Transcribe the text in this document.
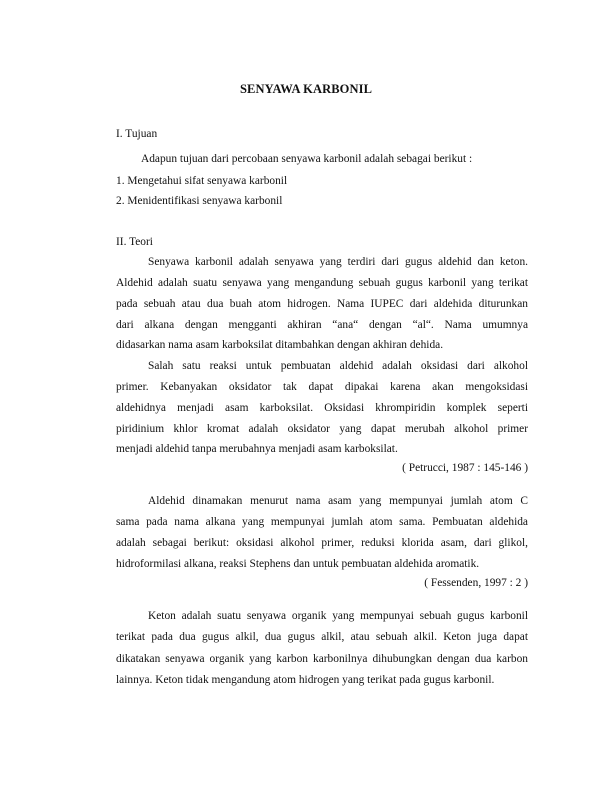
SENYAWA KARBONIL
I. Tujuan
Adapun tujuan dari percobaan senyawa karbonil adalah sebagai berikut :
1. Mengetahui sifat senyawa karbonil
2. Menidentifikasi senyawa karbonil
II. Teori
Senyawa karbonil adalah senyawa yang terdiri dari gugus aldehid dan keton.
Aldehid adalah suatu senyawa yang mengandung sebuah gugus karbonil yang terikat
pada sebuah atau dua buah atom hidrogen. Nama IUPEC dari aldehida diturunkan
dari alkana dengan mengganti akhiran “ana“ dengan “al“. Nama umumnya
didasarkan nama asam karboksilat ditambahkan dengan akhiran dehida.
Salah satu reaksi untuk pembuatan aldehid adalah oksidasi dari alkohol
primer. Kebanyakan oksidator tak dapat dipakai karena akan mengoksidasi
aldehidnya menjadi asam karboksilat. Oksidasi khrompiridin komplek seperti
piridinium khlor kromat adalah oksidator yang dapat merubah alkohol primer
menjadi aldehid tanpa merubahnya menjadi asam karboksilat.
( Petrucci, 1987 : 145-146 )
Aldehid dinamakan menurut nama asam yang mempunyai jumlah atom C
sama pada nama alkana yang mempunyai jumlah atom sama. Pembuatan aldehida
adalah sebagai berikut: oksidasi alkohol primer, reduksi klorida asam, dari glikol,
hidroformilasi alkana, reaksi Stephens dan untuk pembuatan aldehida aromatik.
( Fessenden, 1997 : 2 )
Keton adalah suatu senyawa organik yang mempunyai sebuah gugus karbonil
terikat pada dua gugus alkil, dua gugus alkil, atau sebuah alkil. Keton juga dapat
dikatakan senyawa organik yang karbon karbonilnya dihubungkan dengan dua karbon
lainnya. Keton tidak mengandung atom hidrogen yang terikat pada gugus karbonil.
